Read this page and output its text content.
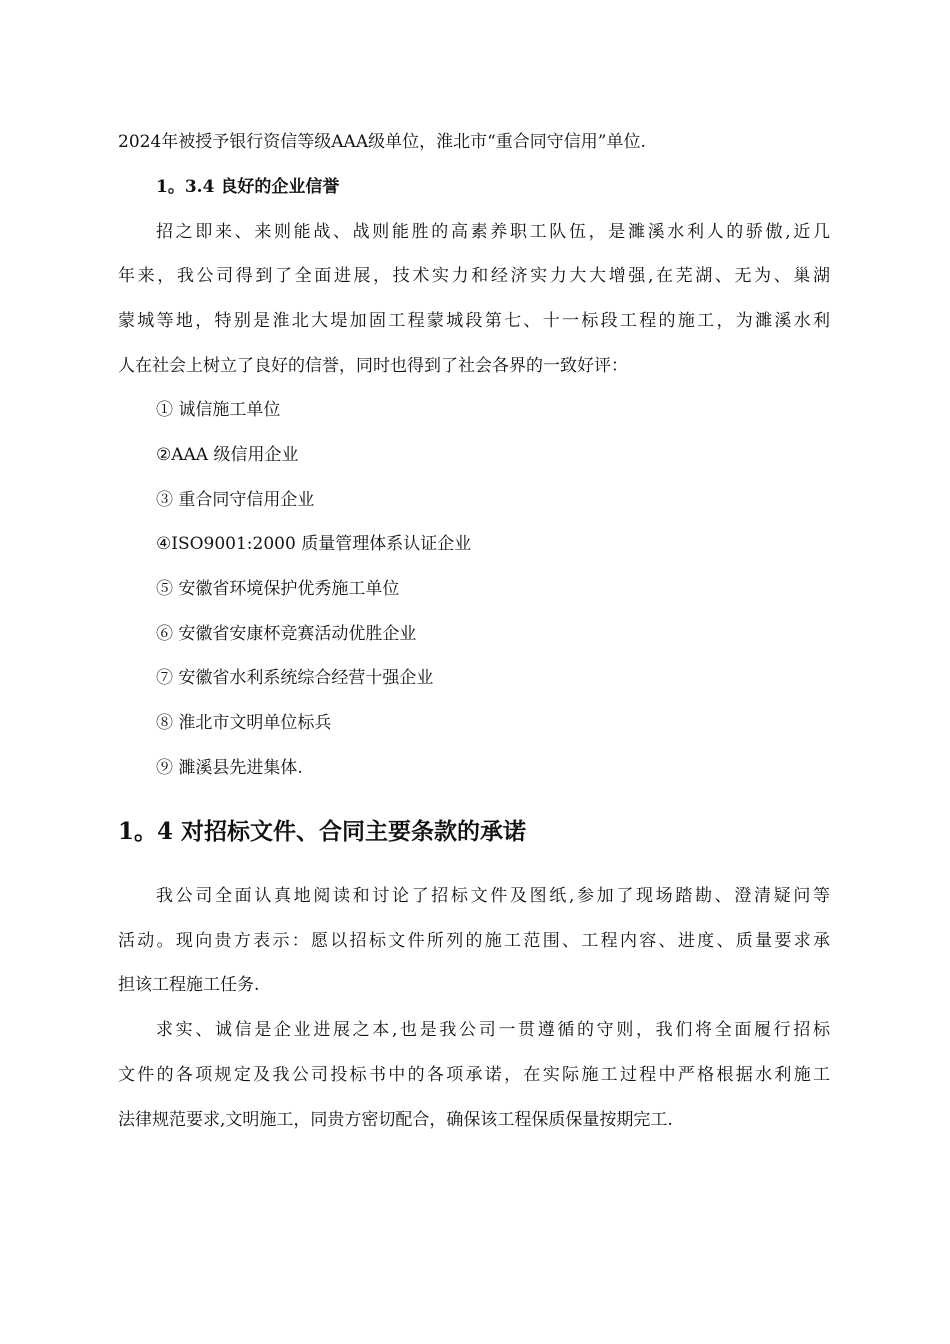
2024年被授予银行资信等级AAA级单位，淮北市“重合同守信用”单位.
1。3.4 良好的企业信誉
招之即来、来则能战、战则能胜的高素养职工队伍，是濉溪水利人的骄傲,近几
年来，我公司得到了全面进展，技术实力和经济实力大大增强,在芜湖、无为、巢湖
蒙城等地，特别是淮北大堤加固工程蒙城段第七、十一标段工程的施工，为濉溪水利
人在社会上树立了良好的信誉，同时也得到了社会各界的一致好评：
① 诚信施工单位
②AAA 级信用企业
③ 重合同守信用企业
④ISO9001:2000 质量管理体系认证企业
⑤ 安徽省环境保护优秀施工单位
⑥ 安徽省安康杯竞赛活动优胜企业
⑦ 安徽省水利系统综合经营十强企业
⑧ 淮北市文明单位标兵
⑨ 濉溪县先进集体.
1。4 对招标文件、合同主要条款的承诺
我公司全面认真地阅读和讨论了招标文件及图纸,参加了现场踏勘、澄清疑问等
活动。现向贵方表示：愿以招标文件所列的施工范围、工程内容、进度、质量要求承
担该工程施工任务.
求实、诚信是企业进展之本,也是我公司一贯遵循的守则，我们将全面履行招标
文件的各项规定及我公司投标书中的各项承诺，在实际施工过程中严格根据水利施工
法律规范要求,文明施工，同贵方密切配合，确保该工程保质保量按期完工.
